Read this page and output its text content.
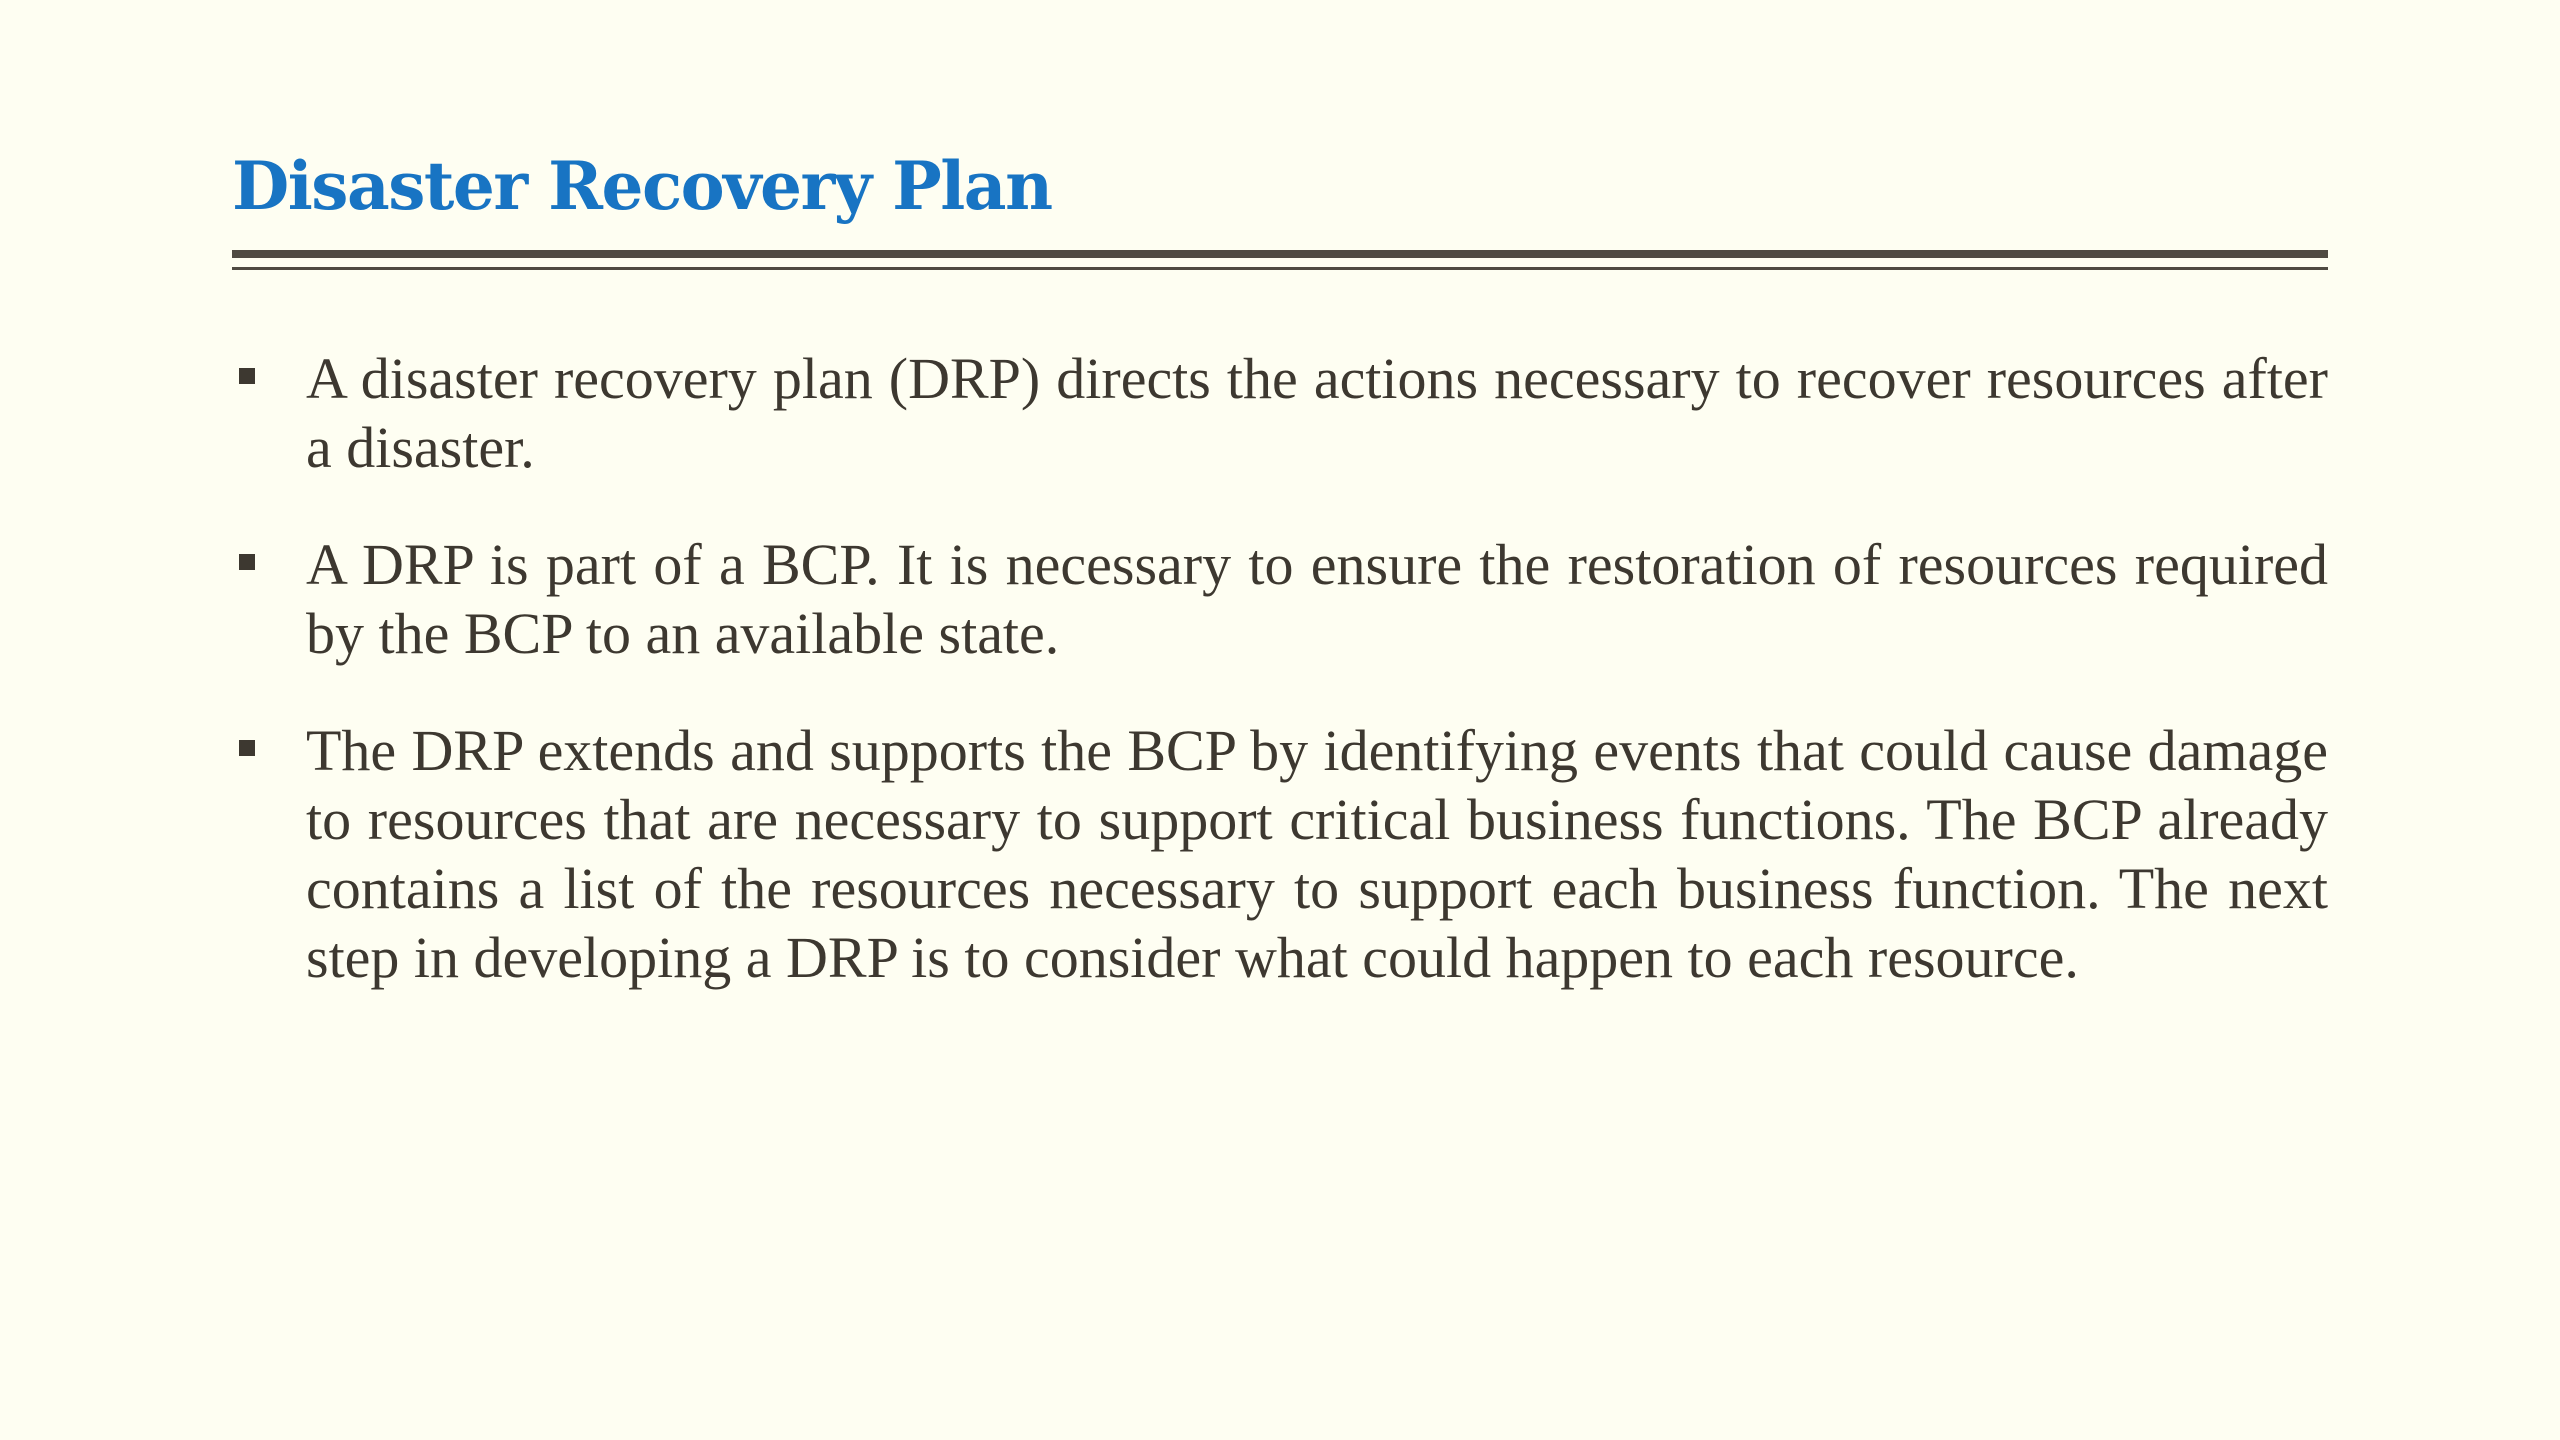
Disaster Recovery Plan
A disaster recovery plan (DRP) directs the actions necessary to recover resources after a disaster.
A DRP is part of a BCP. It is necessary to ensure the restoration of resources required by the BCP to an available state.
The DRP extends and supports the BCP by identifying events that could cause damage to resources that are necessary to support critical business functions. The BCP already contains a list of the resources necessary to support each business function. The next step in developing a DRP is to consider what could happen to each resource.
